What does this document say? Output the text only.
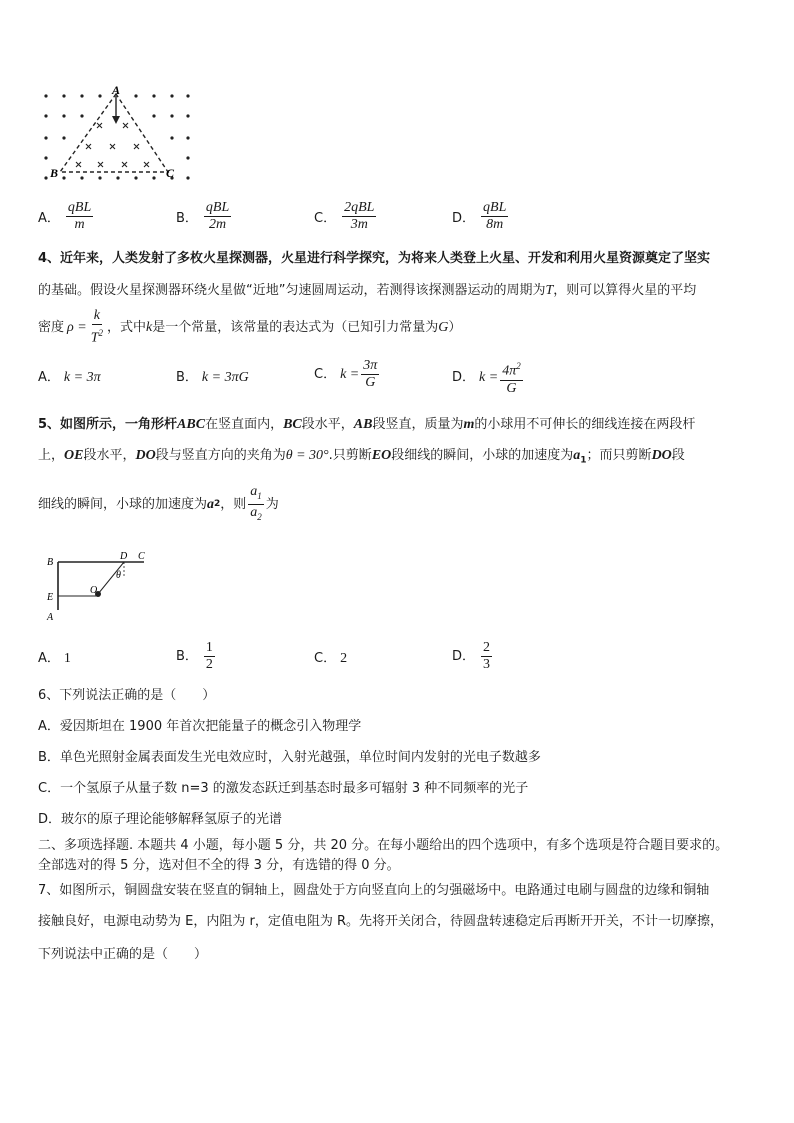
A
B	C
A． $\frac{\text{qBL}}{m}$	B． $\frac{\text{qBL}}{2m}$	C． $\frac{\text{2qBL}}{3m}$	D． $\frac{\text{qBL}}{8m}$
4、近年来，人类发射了多枚火星探测器，火星进行科学探究，为将来人类登上火星、开发和利用火星资源奠定了坚实
的基础。假设火星探测器环绕火星做“近地”匀速圆周运动，若测得该探测器运动的周期为T，则可以算得火星的平均
密度 $\rho = \frac{k}{T^2}$ ，式中 k 是一个常量，该常量的表达式为（已知引力常量为 G ）
A． k = 3π	B． k = 3πG	C． $k = \frac{3\pi}{G}$	D． $k = \frac{4\pi^2}{G}$
5、如图所示，一角形杆ABC在竖直面内，BC段水平，AB段竖直，质量为m的小球用不可伸长的细线连接在两段杆
上，OE段水平，DO段与竖直方向的夹角为θ = 30°.只剪断EO段细线的瞬间，小球的加速度为$a_1$；而只剪断DO段
细线的瞬间，小球的加速度为 a 2 ，则 $\frac{a_1}{a_2}$ 为
B
D C
θ
E
O
A
A． 1	B． $\frac{1}{2}$	C． 2	D． $\frac{2}{3}$
6、下列说法正确的是（　　）
A．爱因斯坦在 1900 年首次把能量子的概念引入物理学
B．单色光照射金属表面发生光电效应时，入射光越强，单位时间内发射的光电子数越多
C．一个氢原子从量子数 n=3 的激发态跃迁到基态时最多可辐射 3 种不同频率的光子
D．玻尔的原子理论能够解释氢原子的光谱
二、多项选择题. 本题共 4 小题，每小题 5 分，共 20 分。在每小题给出的四个选项中，有多个选项是符合题目要求的。
全部选对的得 5 分，选对但不全的得 3 分，有选错的得 0 分。
7、如图所示，铜圆盘安装在竖直的铜轴上，圆盘处于方向竖直向上的匀强磁场中。电路通过电刷与圆盘的边缘和铜轴
接触良好，电源电动势为 E，内阻为 r，定值电阻为 R。先将开关闭合，待圆盘转速稳定后再断开开关，不计一切摩擦，
下列说法中正确的是（　　）
